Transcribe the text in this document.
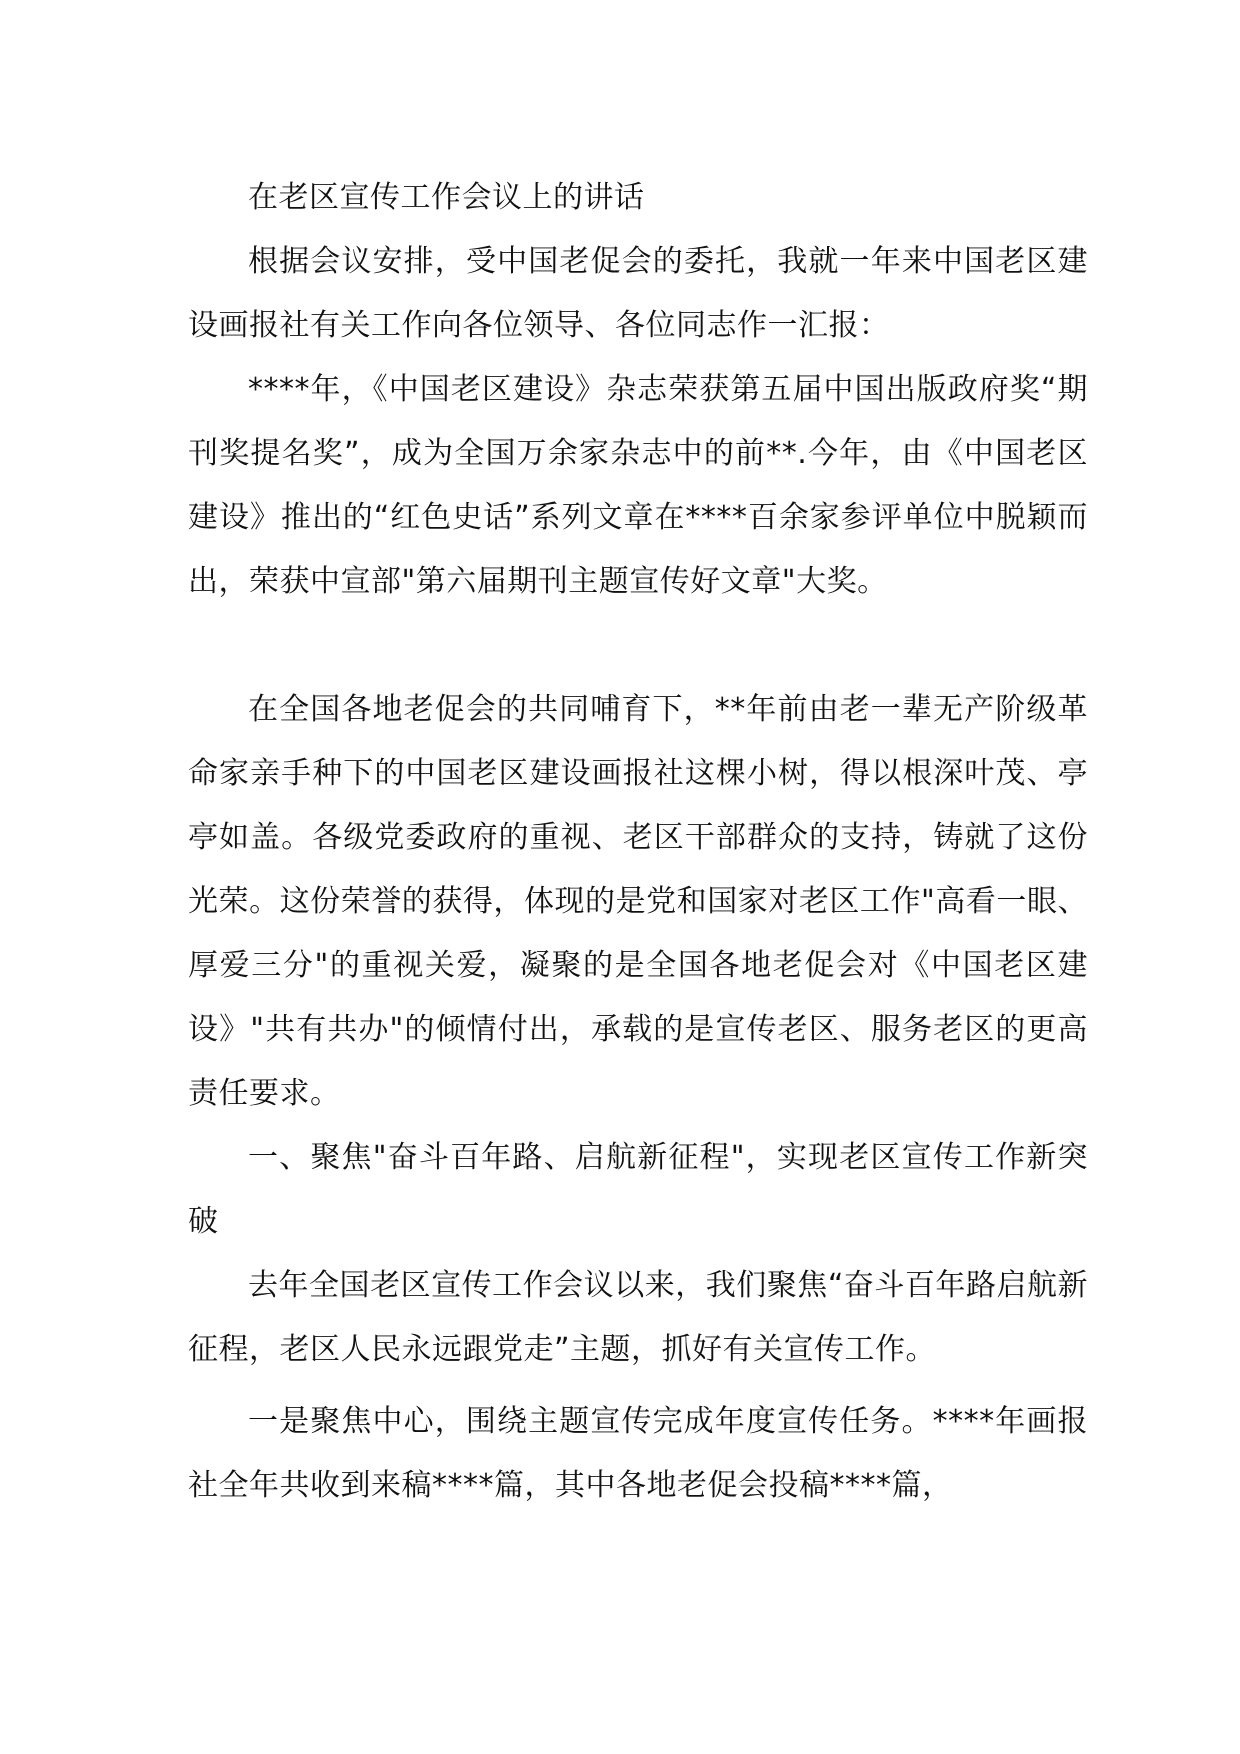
在老区宣传工作会议上的讲话

根据会议安排，受中国老促会的委托，我就一年来中国老区建设画报社有关工作向各位领导、各位同志作一汇报：

****年，《中国老区建设》杂志荣获第五届中国出版政府奖“期刊奖提名奖”，成为全国万余家杂志中的前**.今年，由《中国老区建设》推出的“红色史话”系列文章在****百余家参评单位中脱颖而出，荣获中宣部"第六届期刊主题宣传好文章"大奖。

在全国各地老促会的共同哺育下，**年前由老一辈无产阶级革命家亲手种下的中国老区建设画报社这棵小树，得以根深叶茂、亭亭如盖。各级党委政府的重视、老区干部群众的支持，铸就了这份光荣。这份荣誉的获得，体现的是党和国家对老区工作"高看一眼、厚爱三分"的重视关爱，凝聚的是全国各地老促会对《中国老区建设》"共有共办"的倾情付出，承载的是宣传老区、服务老区的更高责任要求。

一、聚焦"奋斗百年路、启航新征程"，实现老区宣传工作新突破

去年全国老区宣传工作会议以来，我们聚焦“奋斗百年路启航新征程，老区人民永远跟党走”主题，抓好有关宣传工作。

一是聚焦中心，围绕主题宣传完成年度宣传任务。****年画报社全年共收到来稿****篇，其中各地老促会投稿****篇，
